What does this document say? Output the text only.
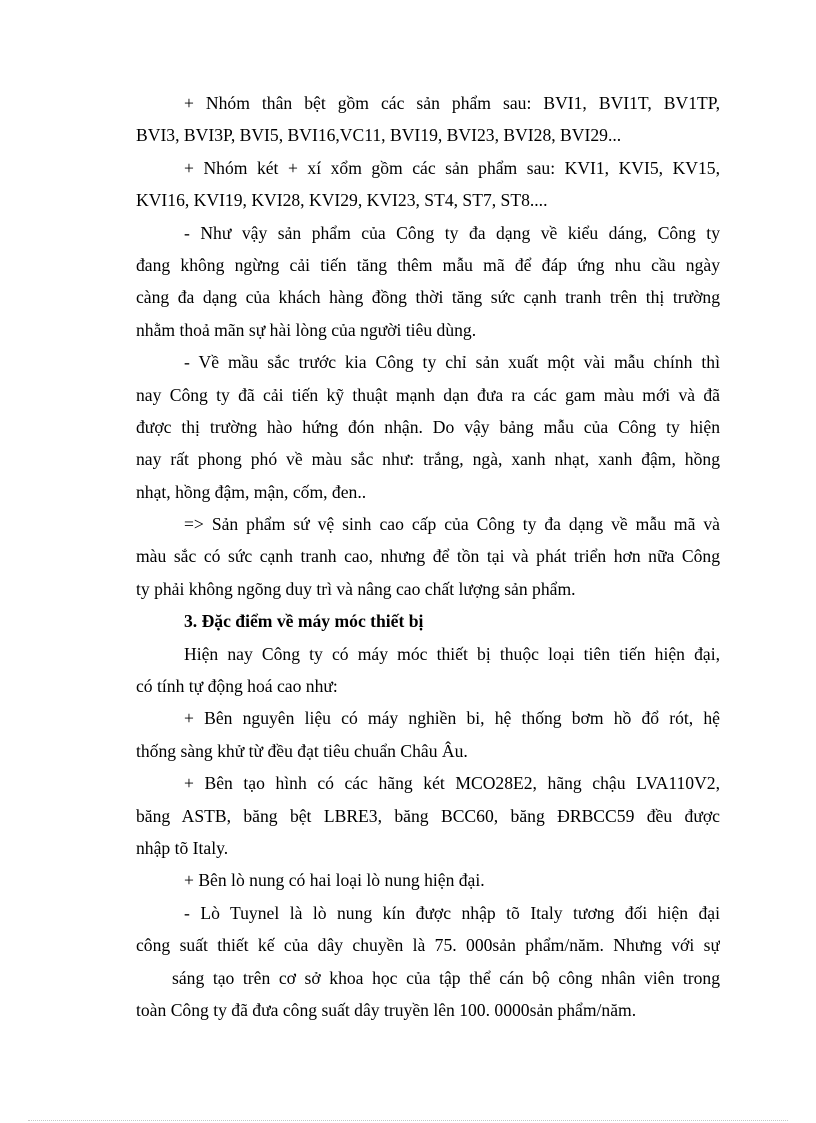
+ Nhóm thân bệt gồm các sản phẩm sau: BVI1, BVI1T, BV1TP,
BVI3, BVI3P, BVI5, BVI16,VC11, BVI19, BVI23, BVI28, BVI29...

+ Nhóm két + xí xổm gồm các sản phẩm sau: KVI1, KVI5, KV15,
KVI16, KVI19, KVI28, KVI29, KVI23, ST4, ST7, ST8....

- Như vậy sản phẩm của Công ty đa dạng về kiểu dáng, Công ty
đang không ngừng cải tiến tăng thêm mẫu mã để đáp ứng nhu cầu ngày
càng đa dạng của khách hàng đồng thời tăng sức cạnh tranh trên thị trường
nhằm thoả mãn sự hài lòng của người tiêu dùng.

- Về mầu sắc trước kia Công ty chỉ sản xuất một vài mẫu chính thì
nay Công ty đã cải tiến kỹ thuật mạnh dạn đưa ra các gam màu mới và đã
được thị trường hào hứng đón nhận. Do vậy bảng mẫu của Công ty hiện
nay rất phong phó về màu sắc như: trắng, ngà, xanh nhạt, xanh đậm, hồng
nhạt, hồng đậm, mận, cốm, đen..

=> Sản phẩm sứ vệ sinh cao cấp của Công ty đa dạng về mẫu mã và
màu sắc có sức cạnh tranh cao, nhưng để tồn tại và phát triển hơn nữa Công
ty phải không ngõng duy trì và nâng cao chất lượng sản phẩm.

3. Đặc điểm về máy móc thiết bị

Hiện nay Công ty có máy móc thiết bị thuộc loại tiên tiến hiện đại,
có tính tự động hoá cao như:

+ Bên nguyên liệu có máy nghiền bi, hệ thống bơm hồ đổ rót, hệ
thống sàng khử từ đều đạt tiêu chuẩn Châu Âu.

+ Bên tạo hình có các hãng két MCO28E2, hãng chậu LVA110V2,
băng ASTB, băng bệt LBRE3, băng BCC60, băng ĐRBCC59 đều được
nhập tõ Italy.

+ Bên lò nung có hai loại lò nung hiện đại.

- Lò Tuynel là lò nung kín được nhập tõ Italy tương đối hiện đại
công suất thiết kế của dây chuyền là 75. 000sản phẩm/năm. Nhưng với sự
sáng tạo trên cơ sở khoa học của tập thể cán bộ công nhân viên trong
toàn Công ty đã đưa công suất dây truyền lên 100. 0000sản phẩm/năm.
